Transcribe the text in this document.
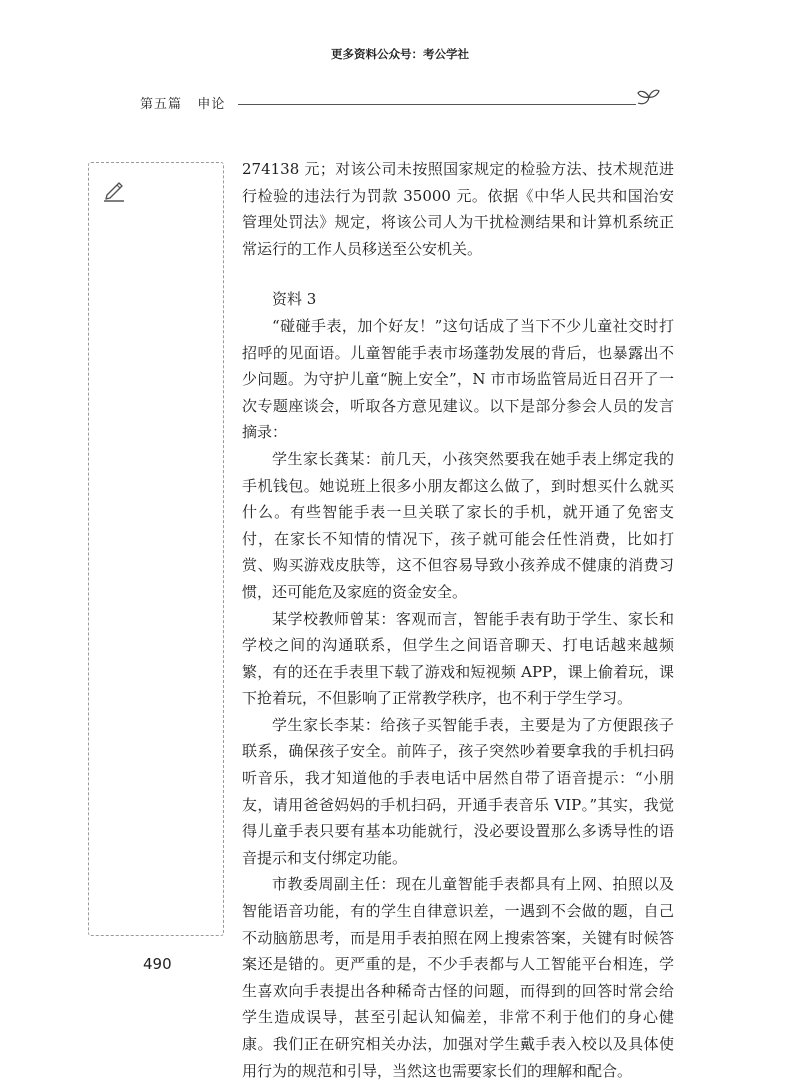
更多资料公众号：考公学社
第五篇 申论

274138 元；对该公司未按照国家规定的检验方法、技术规范进行检验的违法行为罚款 35000 元。依据《中华人民共和国治安管理处罚法》规定，将该公司人为干扰检测结果和计算机系统正常运行的工作人员移送至公安机关。

资料 3

“碰碰手表，加个好友！”这句话成了当下不少儿童社交时打招呼的见面语。儿童智能手表市场蓬勃发展的背后，也暴露出不少问题。为守护儿童“腕上安全”，N 市市场监管局近日召开了一次专题座谈会，听取各方意见建议。以下是部分参会人员的发言摘录：

学生家长龚某：前几天，小孩突然要我在她手表上绑定我的手机钱包。她说班上很多小朋友都这么做了，到时想买什么就买什么。有些智能手表一旦关联了家长的手机，就开通了免密支付，在家长不知情的情况下，孩子就可能会任性消费，比如打赏、购买游戏皮肤等，这不但容易导致小孩养成不健康的消费习惯，还可能危及家庭的资金安全。

某学校教师曾某：客观而言，智能手表有助于学生、家长和学校之间的沟通联系，但学生之间语音聊天、打电话越来越频繁，有的还在手表里下载了游戏和短视频 APP，课上偷着玩，课下抢着玩，不但影响了正常教学秩序，也不利于学生学习。

学生家长李某：给孩子买智能手表，主要是为了方便跟孩子联系，确保孩子安全。前阵子，孩子突然吵着要拿我的手机扫码听音乐，我才知道他的手表电话中居然自带了语音提示：“小朋友，请用爸爸妈妈的手机扫码，开通手表音乐 VIP。”其实，我觉得儿童手表只要有基本功能就行，没必要设置那么多诱导性的语音提示和支付绑定功能。

市教委周副主任：现在儿童智能手表都具有上网、拍照以及智能语音功能，有的学生自律意识差，一遇到不会做的题，自己不动脑筋思考，而是用手表拍照在网上搜索答案，关键有时候答案还是错的。更严重的是，不少手表都与人工智能平台相连，学生喜欢向手表提出各种稀奇古怪的问题，而得到的回答时常会给学生造成误导，甚至引起认知偏差，非常不利于他们的身心健康。我们正在研究相关办法，加强对学生戴手表入校以及具体使用行为的规范和引导，当然这也需要家长们的理解和配合。

490
